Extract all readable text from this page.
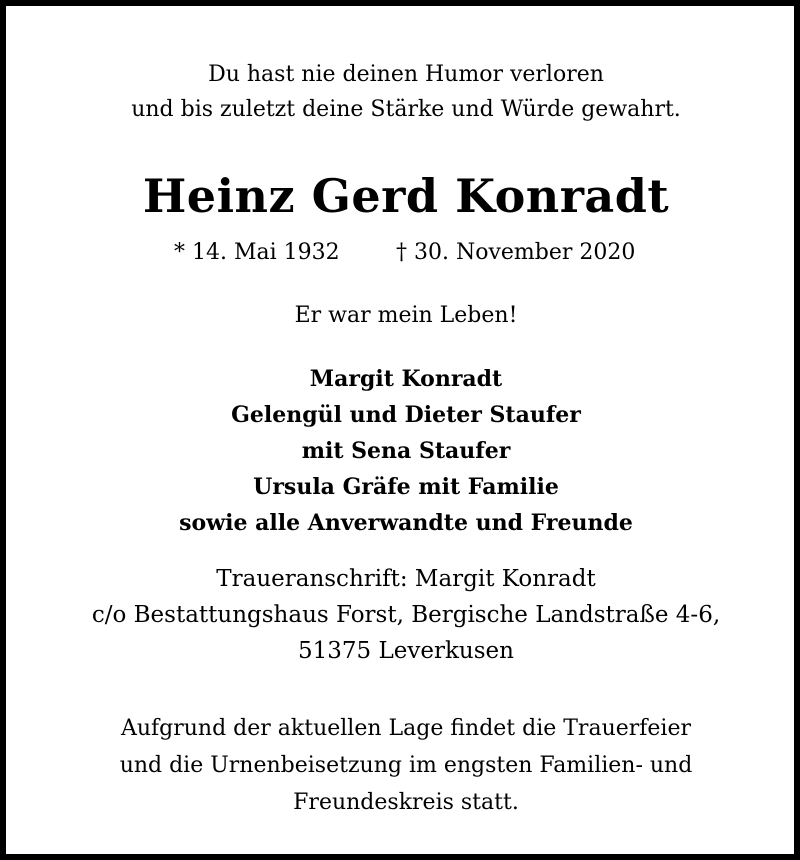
Du hast nie deinen Humor verloren
und bis zuletzt deine Stärke und Würde gewahrt.
Heinz Gerd Konradt
* 14. Mai 1932	† 30. November 2020
Er war mein Leben!
Margit Konradt
Gelengül und Dieter Staufer
mit Sena Staufer
Ursula Gräfe mit Familie
sowie alle Anverwandte und Freunde
Traueranschrift: Margit Konradt
c/o Bestattungshaus Forst, Bergische Landstraße 4-6,
51375 Leverkusen
Aufgrund der aktuellen Lage findet die Trauerfeier
und die Urnenbeisetzung im engsten Familien- und
Freundeskreis statt.
